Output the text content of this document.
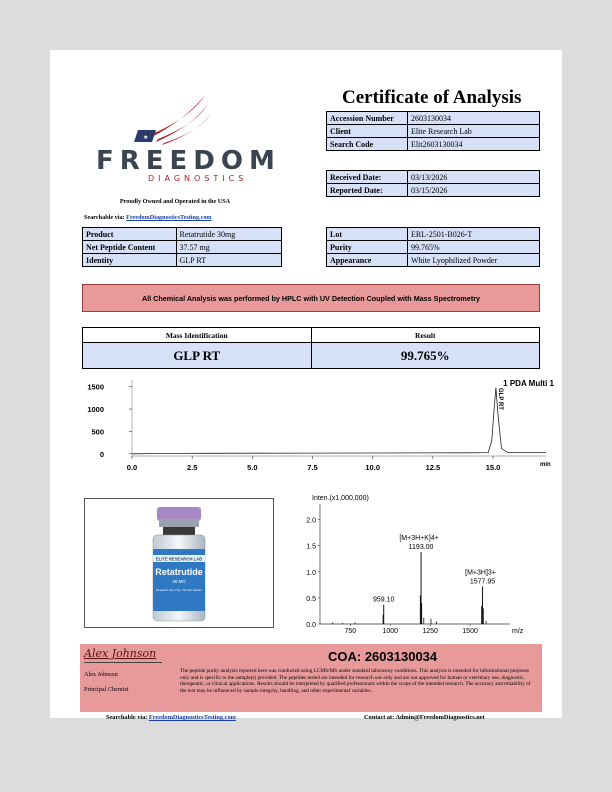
★
FREEDOM
DIAGNOSTICS
Proudly Owned and Operated in the USA
Searchable via: FreedomDiagnosticsTesting.com
Certificate of Analysis
Accession Number	2603130034
Client	Elite Research Lab
Search Code	Elit2603130034
Received Date:	03/13/2026
Reported Date:	03/15/2026
Product	Retatrutide 30mg
Net Peptide Content	37.57 mg
Identity	GLP RT
Lot	ERL-2501-B026-T
Purity	99.765%
Appearance	White Lyophilized Powder
All Chemical Analysis was performed by HPLC with UV Detection Coupled with Mass Spectrometry
Mass Identification	Result
GLP RT	99.765%
0
500
1000
1500
0.0	2.5	5.0	7.5	10.0	12.5	15.0	min
1 PDA Multi 1
GLP RT
ELITE RESEARCH LAB
Retatrutide
30 MG
Research Use Only / Not For Human
Inten.(x1,000,000)
0.0
0.5
1.0
1.5
2.0
750	1000	1250	1500	m/z
959.10
[M+3H+K]4+
1193.00
[M+3H]3+
1577.95
Alex Johnson	COA: 2603130034
Alex Johnson
Principal Chemist
The peptide purity analysis reported here was conducted using LCMS/MS under standard laboratory conditions. This analysis is intended for informational purposes only and is specific to the sample(s) provided. The peptides tested are intended for research use only and are not approved for human or veterinary use, diagnostic, therapeutic, or clinical applications. Results should be interpreted by qualified professionals within the scope of the intended research. The accuracy and reliability of the test may be influenced by sample integrity, handling, and other experimental variables.
Searchable via: FreedomDiagnosticsTesting.com	Contact at: Admin@FreedomDiagnostics.net
